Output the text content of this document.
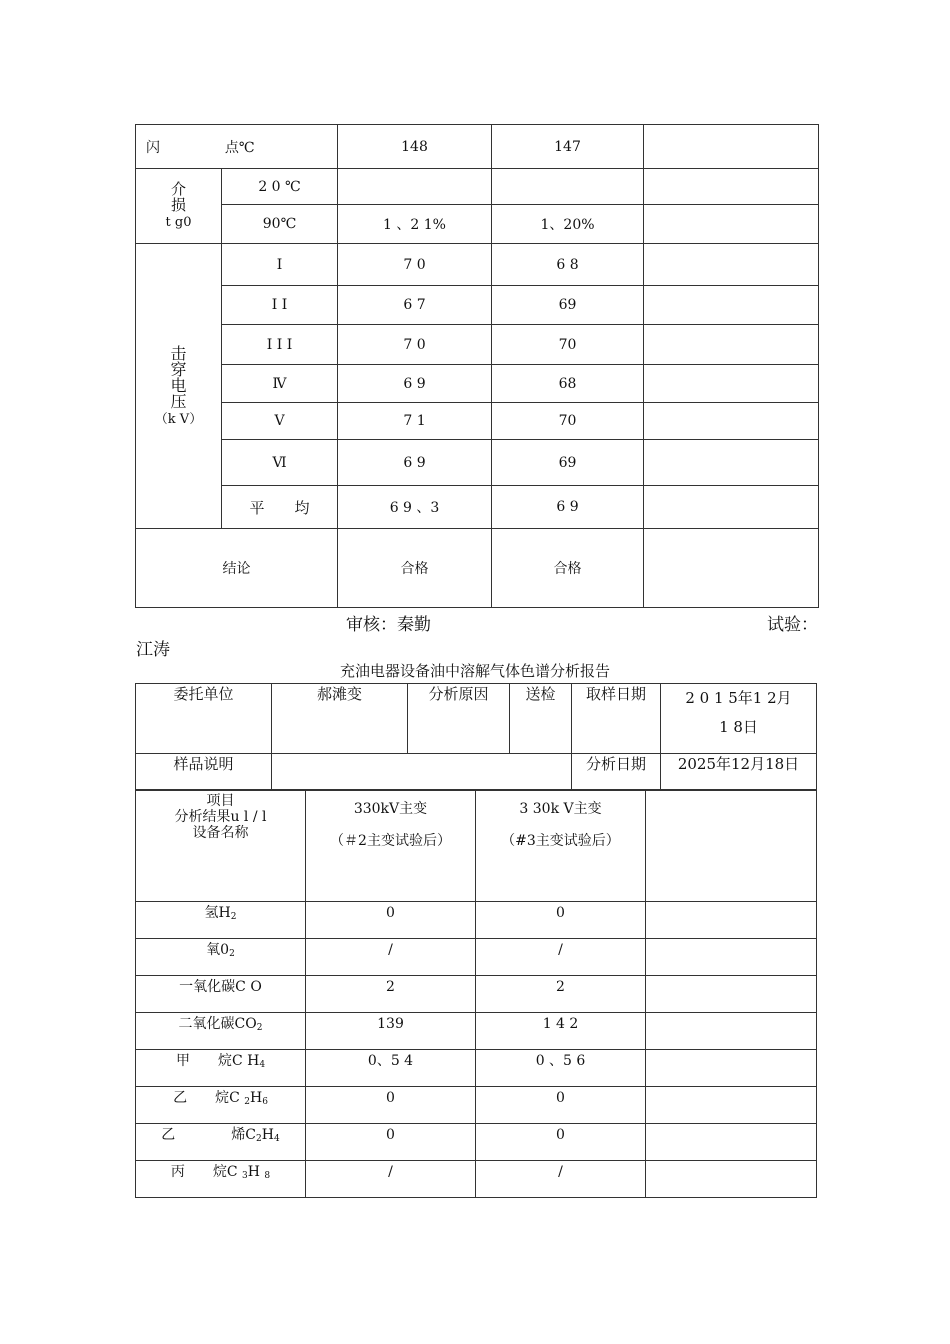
闪 点℃		148	147	
介
损
t g0	2 0 ℃			
	90℃	1 、2 1%	1、20%	
击
穿
电
压
（k V）	I	7 0	6 8	
	I I	6 7	69	
	I I I	7 0	70	
	Ⅳ	6 9	68	
	Ⅴ	7 1	70	
	Ⅵ	6 9	69	
	平　　均	6 9 、3	6 9	
结论		合格	合格	
审核：秦勤	试验：
江涛
充油电器设备油中溶解气体色谱分析报告
委托单位	郝滩变	分析原因	送检	取样日期	2 0 1 5年1 2月
1 8日
样品说明				分析日期	2025年12月18日
项目
分析结果u l / l
设备名称	330kV主变
（＃2主变试验后）	3 30k V主变
（#3主变试验后）	
氢$H_2$	0	0	
氧$0_2$	/	/	
一氧化碳C O	2	2	
二氧化碳$CO_2$	139	1 4 2	
甲　　烷C $H_4$	0、5 4	0 、5 6	
乙　　烷C $_2H_6$	0	0	
乙　　　　烯$C_2H_4$	0	0	
丙　　烷C $_3$H $_8$	/	/	
